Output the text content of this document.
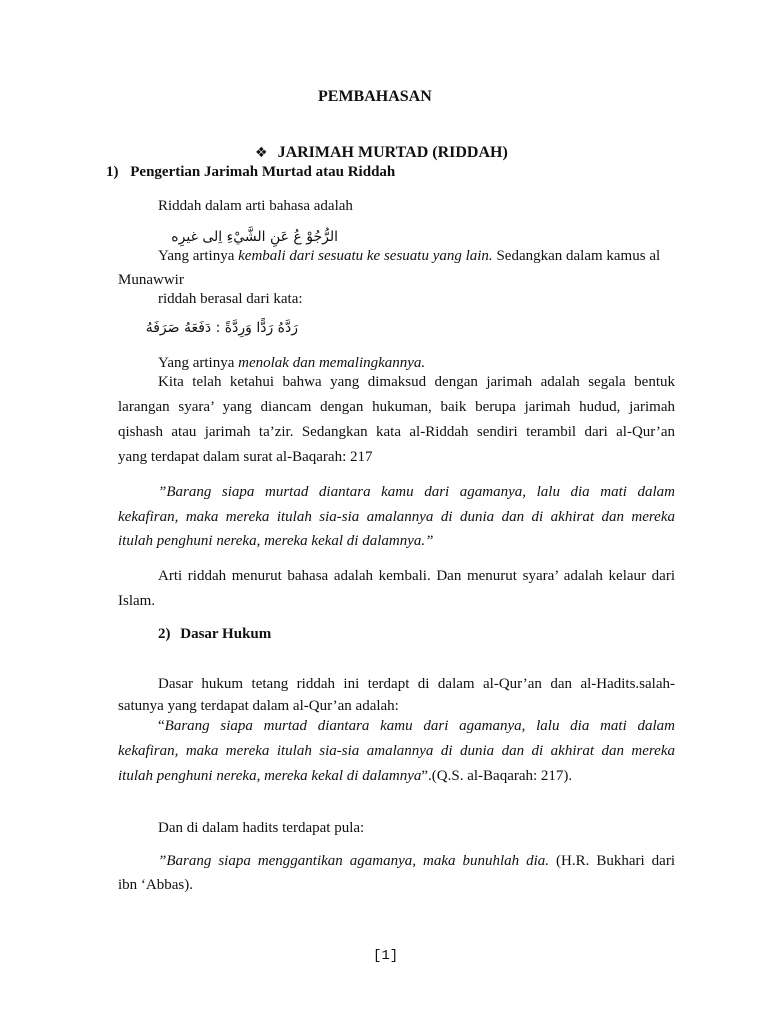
PEMBAHASAN
❖ JARIMAH MURTAD (RIDDAH)
1) Pengertian Jarimah Murtad atau Riddah
Riddah dalam arti bahasa adalah
الرُّجُوْ عُ عَنِ الشَّيْءِ اِلى غيرِه
Yang artinya kembali dari sesuatu ke sesuatu yang lain. Sedangkan dalam kamus al
Munawwir
riddah berasal dari kata:
رَدَّهُ رَدًّا وَرِدَّةً : دَفَعَهُ صَرَفَهُ
Yang artinya menolak dan memalingkannya.
Kita telah ketahui bahwa yang dimaksud dengan jarimah adalah segala bentuk
larangan syara’ yang diancam dengan hukuman, baik berupa jarimah hudud, jarimah
qishash atau jarimah ta’zir. Sedangkan kata al-Riddah sendiri terambil dari al-Qur’an
yang terdapat dalam surat al-Baqarah: 217
”Barang siapa murtad diantara kamu dari agamanya, lalu dia mati dalam
kekafiran, maka mereka itulah sia-sia amalannya di dunia dan di akhirat dan mereka
itulah penghuni nereka, mereka kekal di dalamnya.”
Arti riddah menurut bahasa adalah kembali. Dan menurut syara’ adalah kelaur dari
Islam.
2) Dasar Hukum
Dasar hukum tetang riddah ini terdapt di dalam al-Qur’an dan al-Hadits.salah-
satunya yang terdapat dalam al-Qur’an adalah:
“Barang siapa murtad diantara kamu dari agamanya, lalu dia mati dalam
kekafiran, maka mereka itulah sia-sia amalannya di dunia dan di akhirat dan mereka
itulah penghuni nereka, mereka kekal di dalamnya”.(Q.S. al-Baqarah: 217).
Dan di dalam hadits terdapat pula:
”Barang siapa menggantikan agamanya, maka bunuhlah dia. (H.R. Bukhari dari
ibn ‘Abbas).
[1]
